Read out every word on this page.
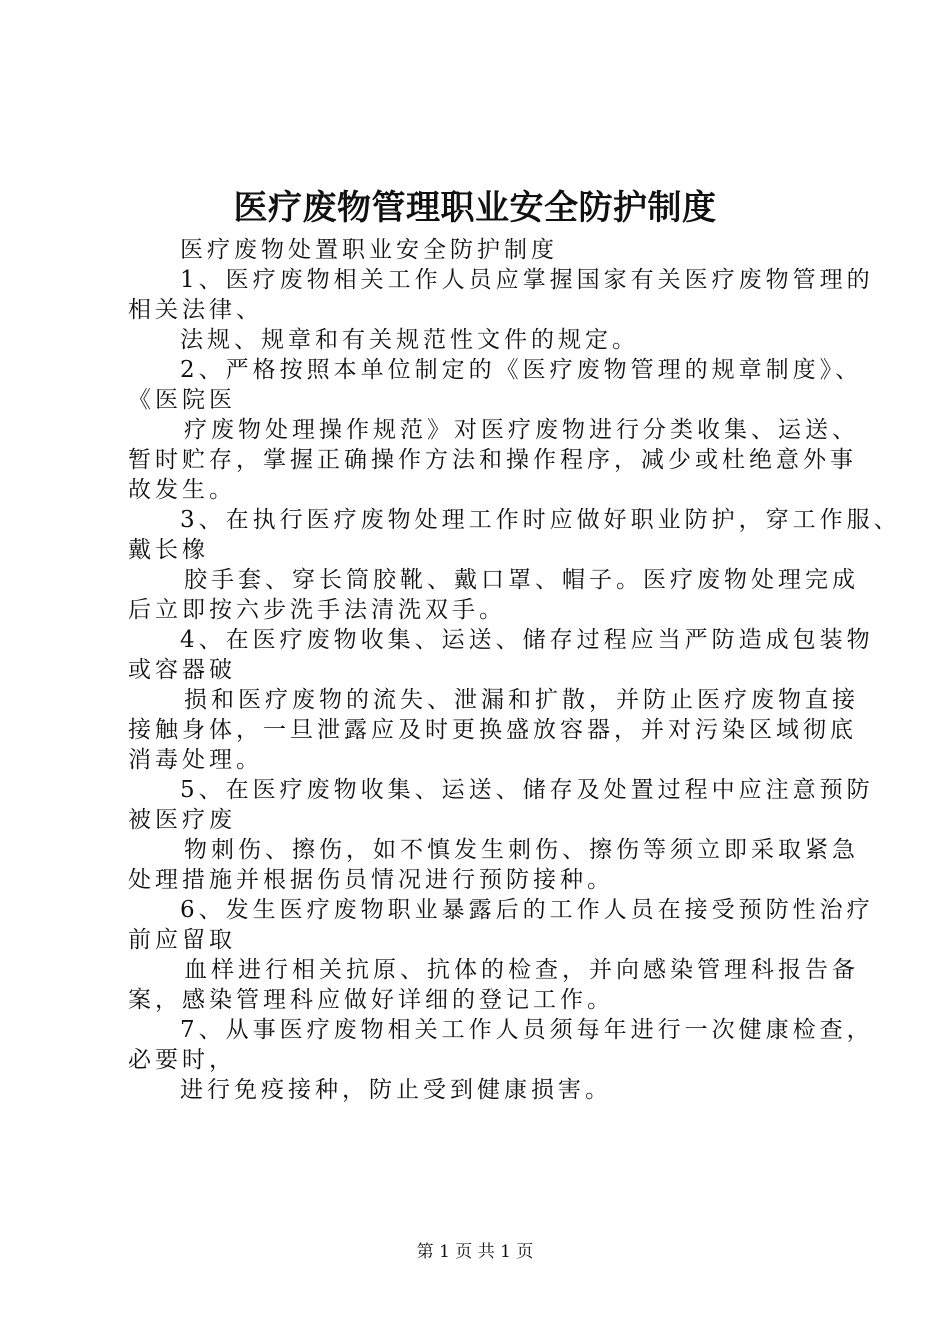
医疗废物管理职业安全防护制度
医疗废物处置职业安全防护制度
1、医疗废物相关工作人员应掌握国家有关医疗废物管理的
相关法律、
法规、规章和有关规范性文件的规定。
2、严格按照本单位制定的《医疗废物管理的规章制度》、
《医院医
疗废物处理操作规范》对医疗废物进行分类收集、运送、
暂时贮存，掌握正确操作方法和操作程序，减少或杜绝意外事
故发生。
3、在执行医疗废物处理工作时应做好职业防护，穿工作服、
戴长橡
胶手套、穿长筒胶靴、戴口罩、帽子。医疗废物处理完成
后立即按六步洗手法清洗双手。
4、在医疗废物收集、运送、储存过程应当严防造成包装物
或容器破
损和医疗废物的流失、泄漏和扩散，并防止医疗废物直接
接触身体，一旦泄露应及时更换盛放容器，并对污染区域彻底
消毒处理。
5、在医疗废物收集、运送、储存及处置过程中应注意预防
被医疗废
物刺伤、擦伤，如不慎发生刺伤、擦伤等须立即采取紧急
处理措施并根据伤员情况进行预防接种。
6、发生医疗废物职业暴露后的工作人员在接受预防性治疗
前应留取
血样进行相关抗原、抗体的检查，并向感染管理科报告备
案，感染管理科应做好详细的登记工作。
7、从事医疗废物相关工作人员须每年进行一次健康检查，
必要时，
进行免疫接种，防止受到健康损害。
第 1 页 共 1 页
